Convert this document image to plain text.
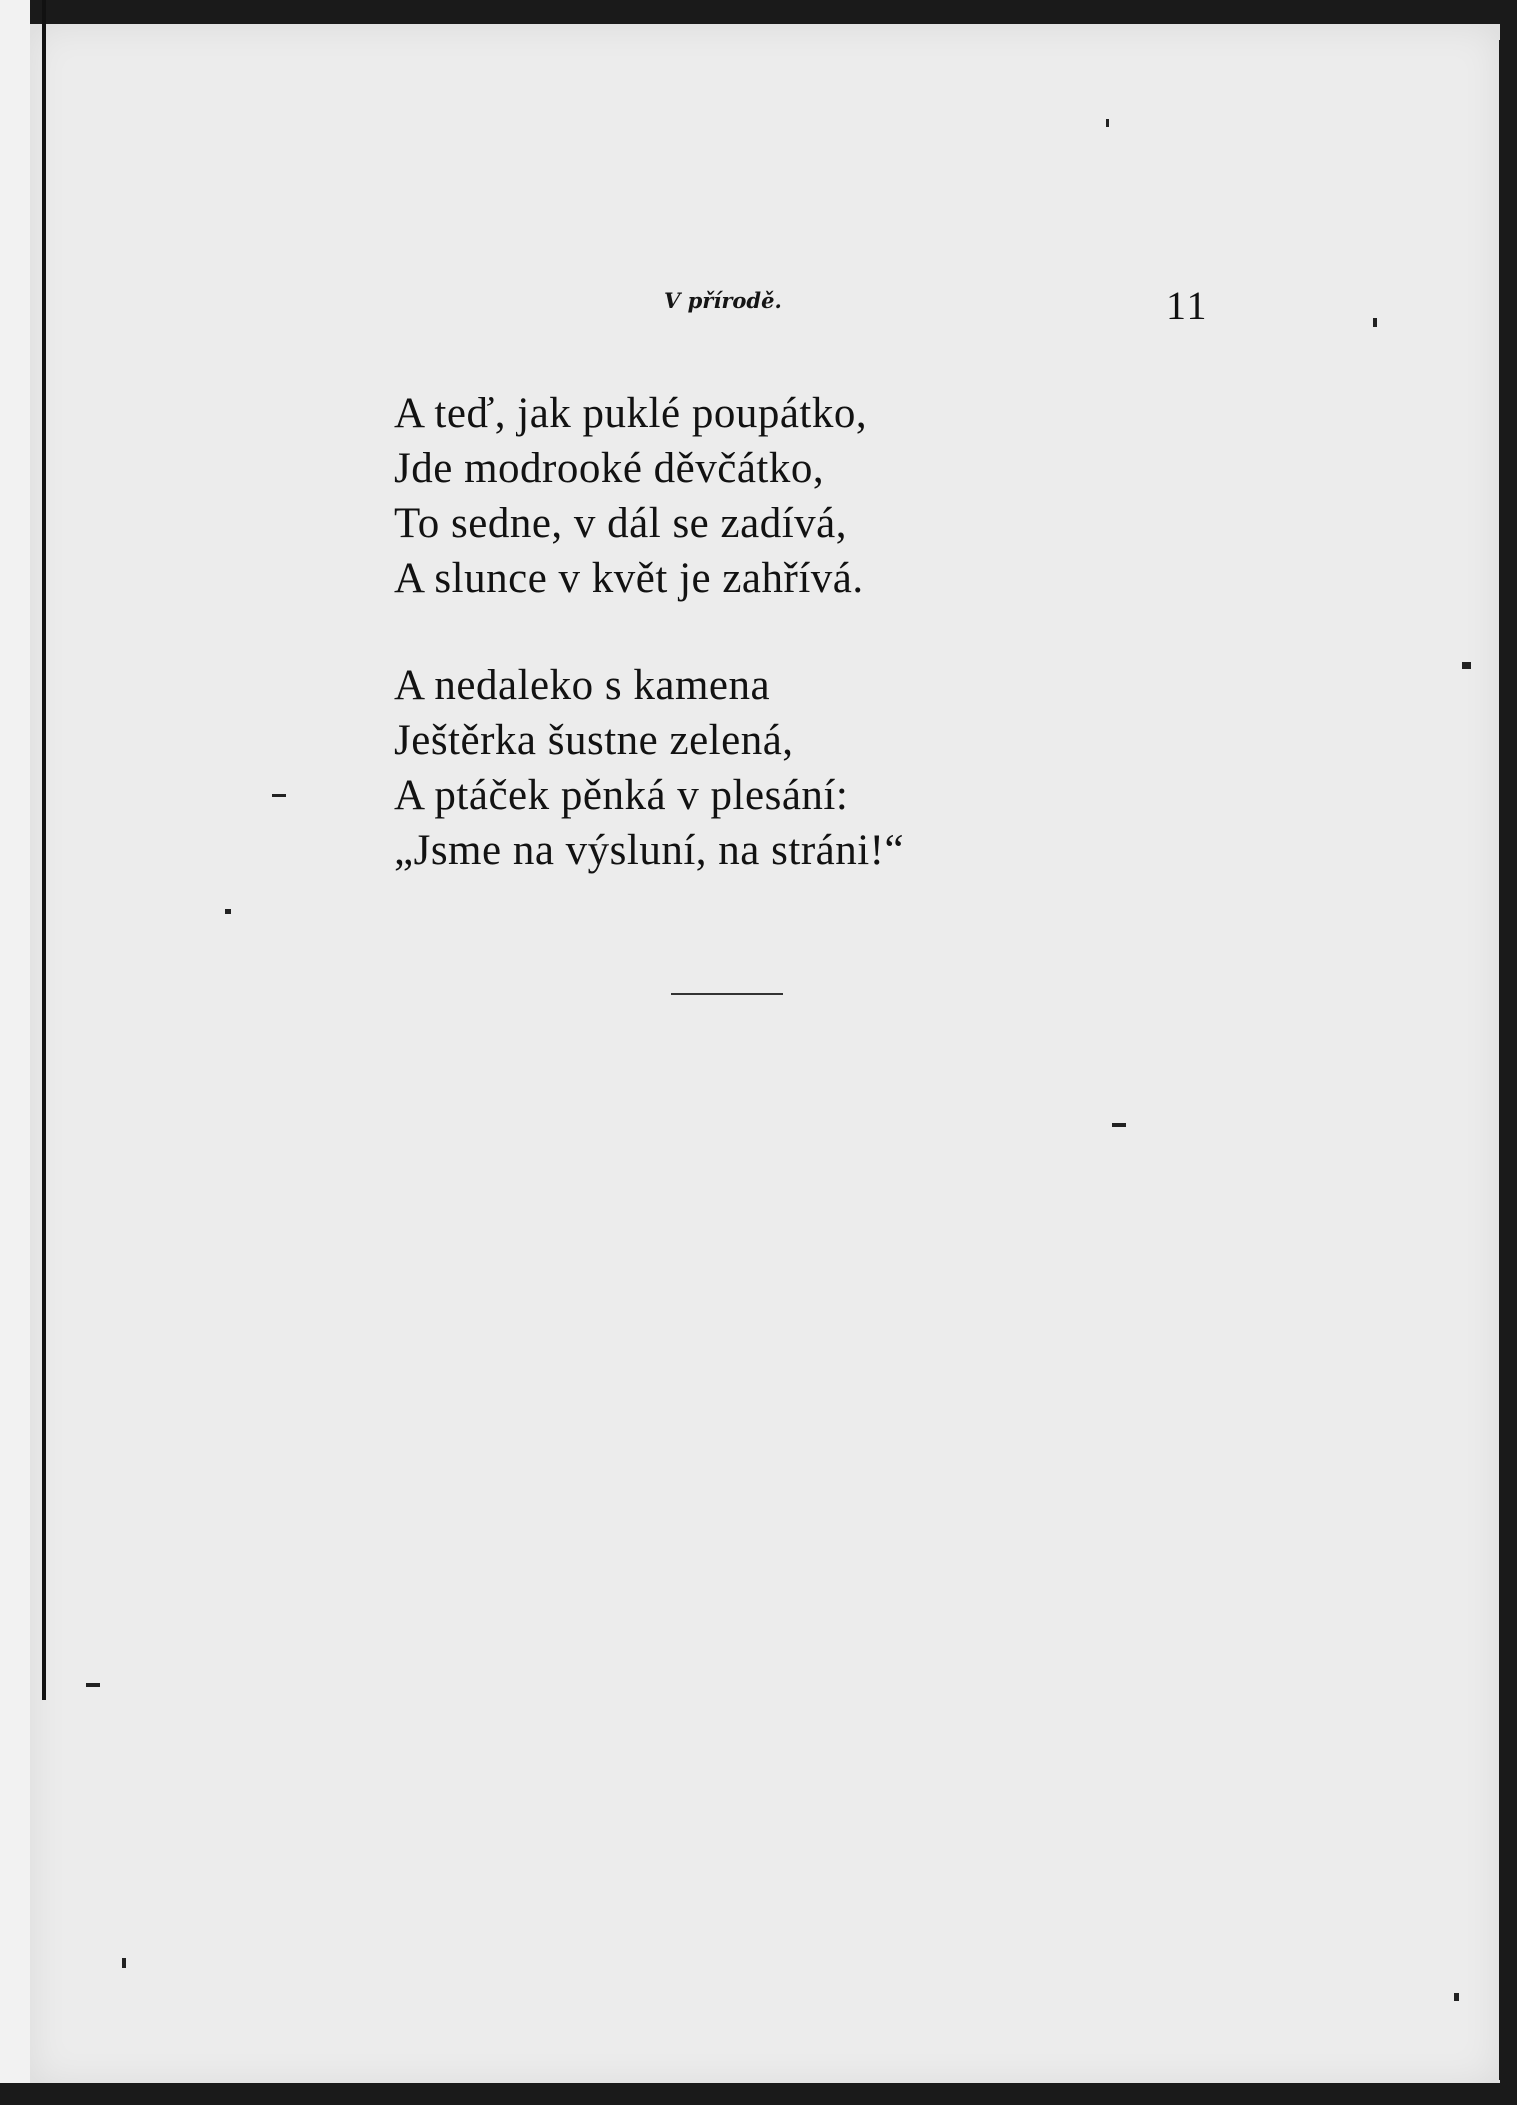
V přírodě.	11
A teď, jak puklé poupátko,
Jde modrooké děvčátko,
To sedne, v dál se zadívá,
A slunce v květ je zahřívá.
A nedaleko s kamena
Ještěrka šustne zelená,
A ptáček pěnká v plesání:
„Jsme na výsluní, na stráni!“
